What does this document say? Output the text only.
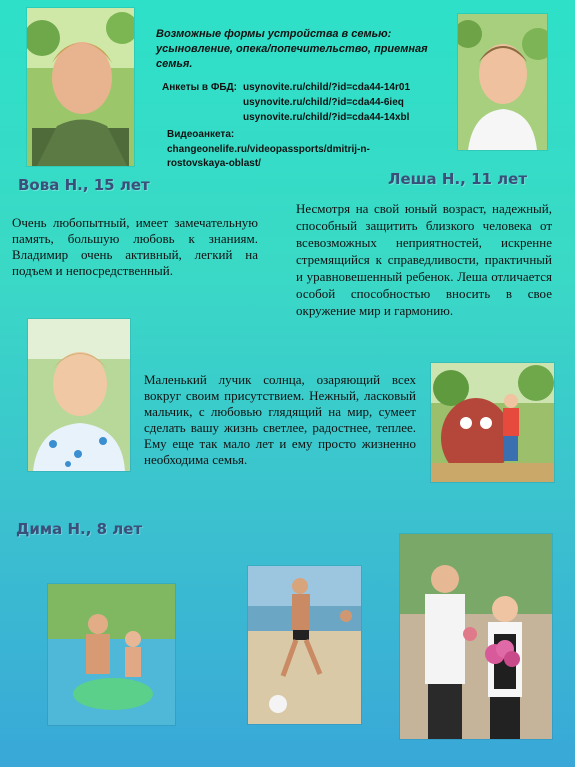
Возможные формы устройства в семью: усыновление, опека/попечительство, приемная семья.
Анкеты в ФБД: usynovite.ru/child/?id=cda44-14r01
usynovite.ru/child/?id=cda44-6ieq
usynovite.ru/child/?id=cda44-14xbl
Видеоанкета:
changeonelife.ru/videopassports/dmitrij-n-
rostovskaya-oblast/
Вова Н., 15 лет	Леша Н., 11 лет
Очень любопытный, имеет замечательную память, большую любовь к знаниям. Владимир очень активный, легкий на подъем и непосредственный.
Несмотря на свой юный возраст, надежный, способный защитить близкого человека от всевозможных неприятностей, искренне стремящийся к справедливости, практичный и уравновешенный ребенок. Леша отличается особой способностью вносить в свое окружение мир и гармонию.
Маленький лучик солнца, озаряющий всех вокруг своим присутствием. Нежный, ласковый мальчик, с любовью глядящий на мир, сумеет сделать вашу жизнь светлее, радостнее, теплее. Ему еще так мало лет и ему просто жизненно необходима семья.
Дима Н., 8 лет
